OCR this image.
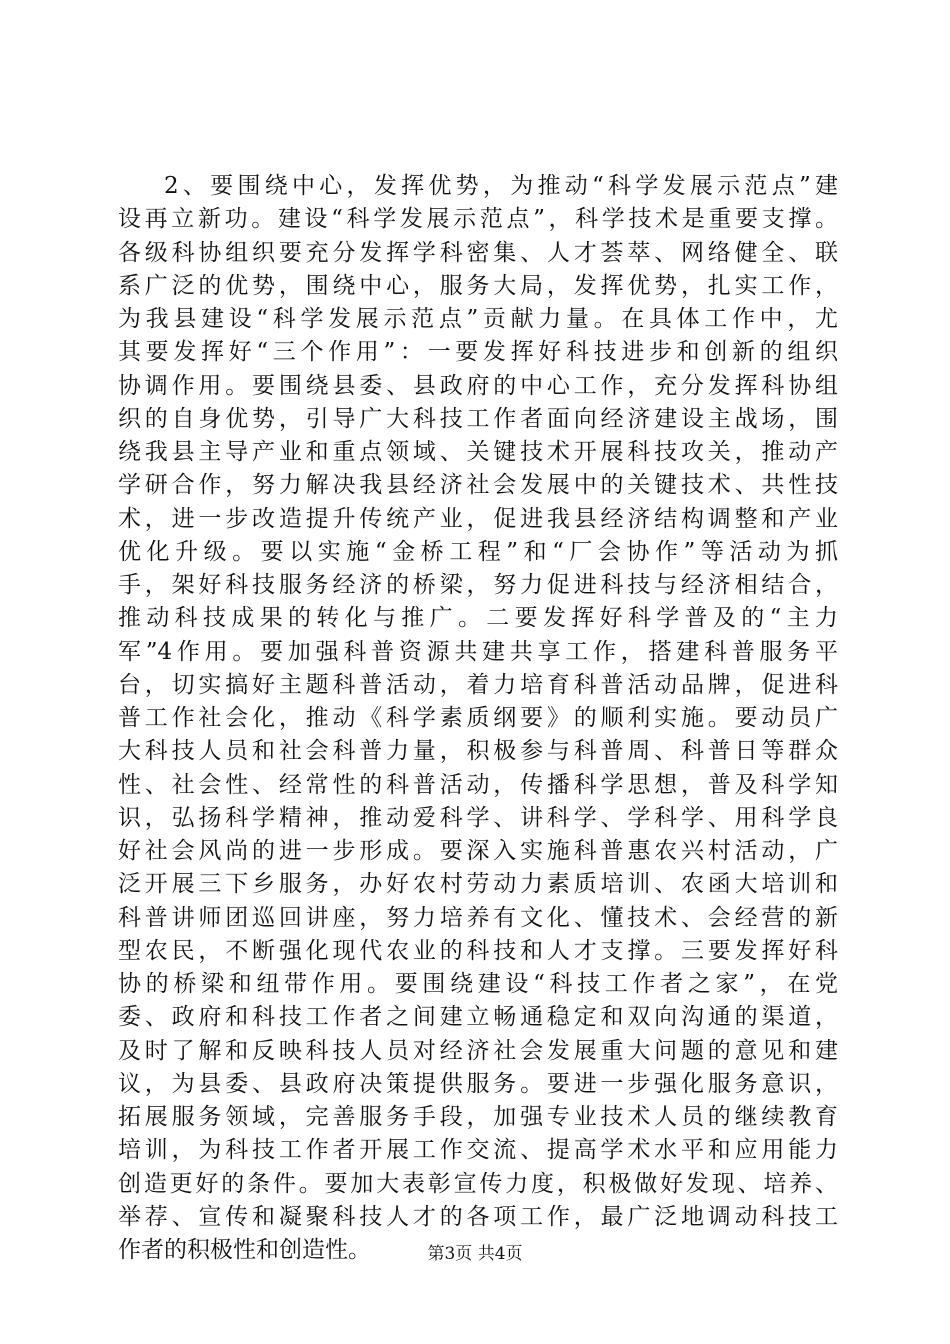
2、要围绕中心，发挥优势，为推动“科学发展示范点”建
设再立新功。建设“科学发展示范点”，科学技术是重要支撑。
各级科协组织要充分发挥学科密集、人才荟萃、网络健全、联
系广泛的优势，围绕中心，服务大局，发挥优势，扎实工作，
为我县建设“科学发展示范点”贡献力量。在具体工作中，尤
其要发挥好“三个作用”：一要发挥好科技进步和创新的组织
协调作用。要围绕县委、县政府的中心工作，充分发挥科协组
织的自身优势，引导广大科技工作者面向经济建设主战场，围
绕我县主导产业和重点领域、关键技术开展科技攻关，推动产
学研合作，努力解决我县经济社会发展中的关键技术、共性技
术，进一步改造提升传统产业，促进我县经济结构调整和产业
优化升级。要以实施“金桥工程”和“厂会协作”等活动为抓
手，架好科技服务经济的桥梁，努力促进科技与经济相结合，
推动科技成果的转化与推广。二要发挥好科学普及的“主力
军”4作用。要加强科普资源共建共享工作，搭建科普服务平
台，切实搞好主题科普活动，着力培育科普活动品牌，促进科
普工作社会化，推动《科学素质纲要》的顺利实施。要动员广
大科技人员和社会科普力量，积极参与科普周、科普日等群众
性、社会性、经常性的科普活动，传播科学思想，普及科学知
识，弘扬科学精神，推动爱科学、讲科学、学科学、用科学良
好社会风尚的进一步形成。要深入实施科普惠农兴村活动，广
泛开展三下乡服务，办好农村劳动力素质培训、农函大培训和
科普讲师团巡回讲座，努力培养有文化、懂技术、会经营的新
型农民，不断强化现代农业的科技和人才支撑。三要发挥好科
协的桥梁和纽带作用。要围绕建设“科技工作者之家”，在党
委、政府和科技工作者之间建立畅通稳定和双向沟通的渠道，
及时了解和反映科技人员对经济社会发展重大问题的意见和建
议，为县委、县政府决策提供服务。要进一步强化服务意识，
拓展服务领域，完善服务手段，加强专业技术人员的继续教育
培训，为科技工作者开展工作交流、提高学术水平和应用能力
创造更好的条件。要加大表彰宣传力度，积极做好发现、培养、
举荐、宣传和凝聚科技人才的各项工作，最广泛地调动科技工
作者的积极性和创造性。	第3页 共4页
